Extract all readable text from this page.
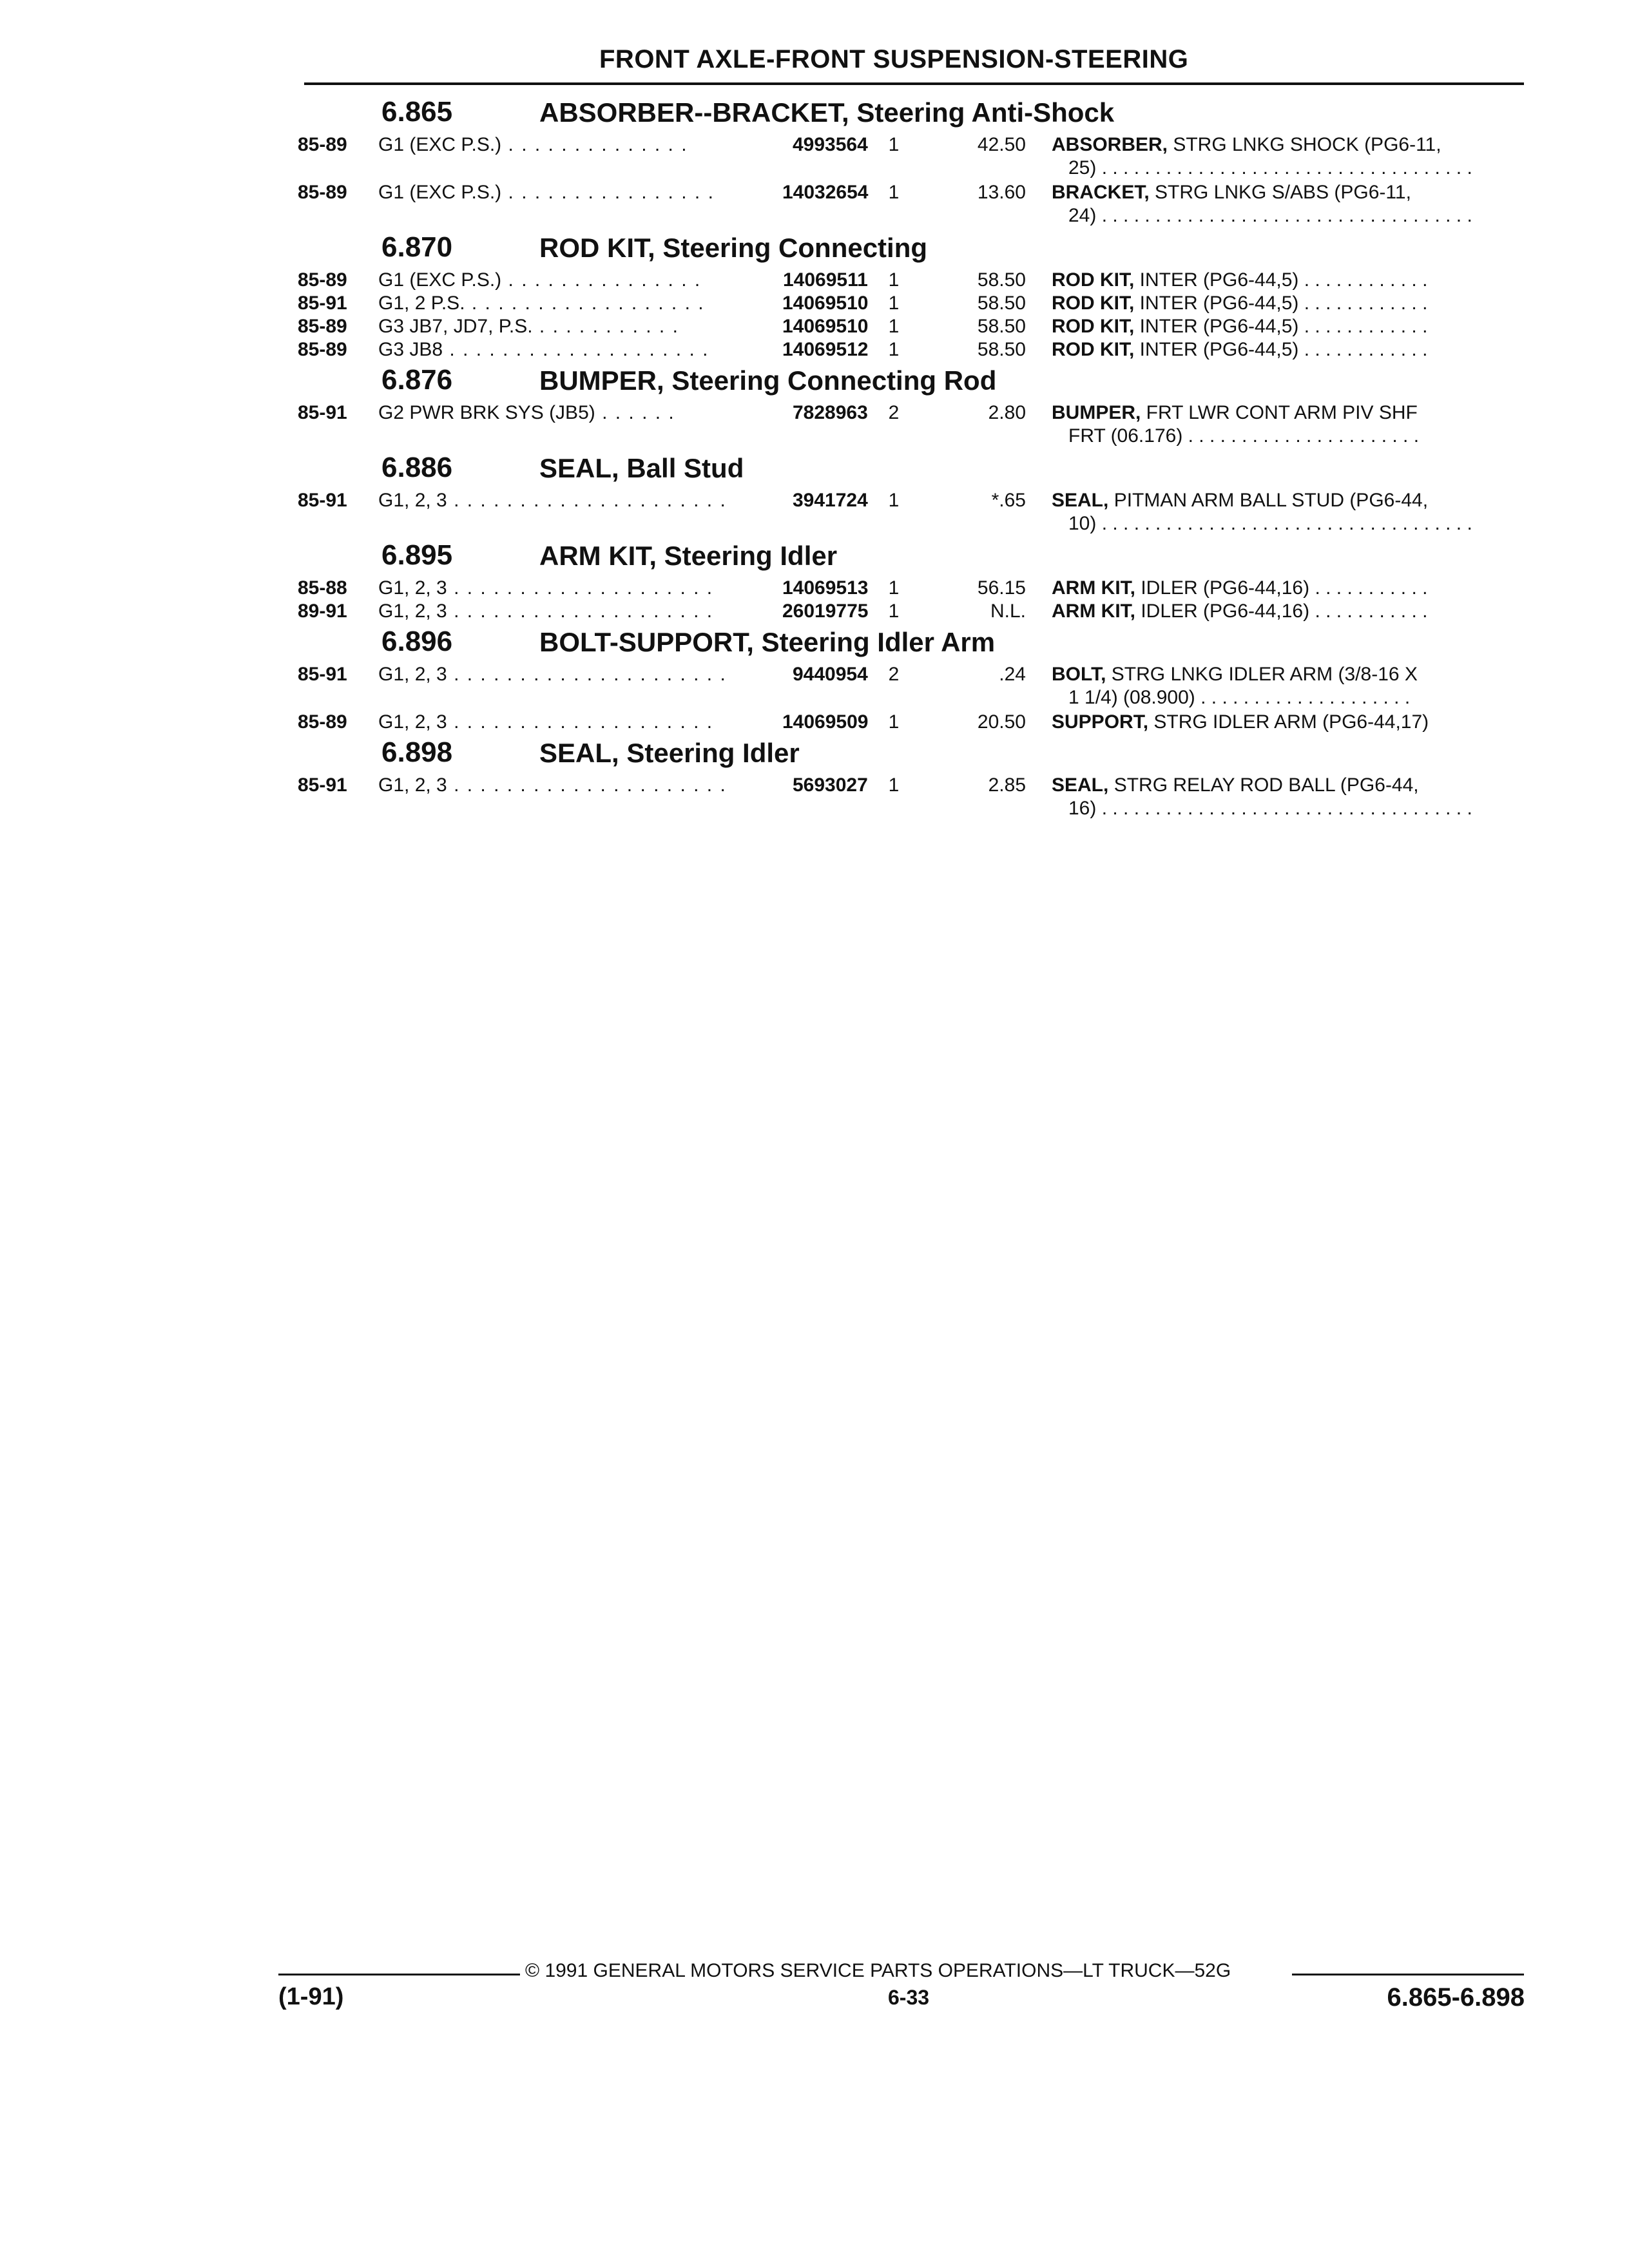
FRONT AXLE-FRONT SUSPENSION-STEERING
6.865	ABSORBER--BRACKET, Steering Anti-Shock
85-89	G1 (EXC P.S.) . . . . . . . . . . . . . .	4993564	1	42.50 ABSORBER, STRG LNKG SHOCK (PG6-11,
25) . . . . . . . . . . . . . . . . . . . . . . . . . . . . . . . . . . .
85-89	G1 (EXC P.S.) . . . . . . . . . . . . . . . .	14032654	1	13.60 BRACKET, STRG LNKG S/ABS (PG6-11,
24) . . . . . . . . . . . . . . . . . . . . . . . . . . . . . . . . . . .
6.870	ROD KIT, Steering Connecting
85-89	G1 (EXC P.S.) . . . . . . . . . . . . . . .	14069511	1	58.50 ROD KIT, INTER (PG6-44,5) . . . . . . . . . . . .
85-91	G1, 2 P.S. . . . . . . . . . . . . . . . . . .	14069510	1	58.50 ROD KIT, INTER (PG6-44,5) . . . . . . . . . . . .
85-89	G3 JB7, JD7, P.S. . . . . . . . . . . .	14069510	1	58.50 ROD KIT, INTER (PG6-44,5) . . . . . . . . . . . .
85-89	G3 JB8 . . . . . . . . . . . . . . . . . . . .	14069512	1	58.50 ROD KIT, INTER (PG6-44,5) . . . . . . . . . . . .
6.876	BUMPER, Steering Connecting Rod
85-91	G2 PWR BRK SYS (JB5) . . . . . .	7828963	2	2.80 BUMPER, FRT LWR CONT ARM PIV SHF
FRT (06.176) . . . . . . . . . . . . . . . . . . . . . .
6.886	SEAL, Ball Stud
85-91	G1, 2, 3 . . . . . . . . . . . . . . . . . . . . .	3941724	1	*.65 SEAL, PITMAN ARM BALL STUD (PG6-44,
10) . . . . . . . . . . . . . . . . . . . . . . . . . . . . . . . . . . .
6.895	ARM KIT, Steering Idler
85-88	G1, 2, 3 . . . . . . . . . . . . . . . . . . . .	14069513	1	56.15 ARM KIT, IDLER (PG6-44,16) . . . . . . . . . . .
89-91	G1, 2, 3 . . . . . . . . . . . . . . . . . . . .	26019775	1	N.L. ARM KIT, IDLER (PG6-44,16) . . . . . . . . . . .
6.896	BOLT-SUPPORT, Steering Idler Arm
85-91	G1, 2, 3 . . . . . . . . . . . . . . . . . . . . .	9440954	2	.24 BOLT, STRG LNKG IDLER ARM (3/8-16 X
1 1/4) (08.900) . . . . . . . . . . . . . . . . . . . .
85-89	G1, 2, 3 . . . . . . . . . . . . . . . . . . . .	14069509	1	20.50 SUPPORT, STRG IDLER ARM (PG6-44,17)
6.898	SEAL, Steering Idler
85-91	G1, 2, 3 . . . . . . . . . . . . . . . . . . . . .	5693027	1	2.85 SEAL, STRG RELAY ROD BALL (PG6-44,
16) . . . . . . . . . . . . . . . . . . . . . . . . . . . . . . . . . . .
© 1991 GENERAL MOTORS SERVICE PARTS OPERATIONS—LT TRUCK—52G
(1-91)	6-33	6.865-6.898
